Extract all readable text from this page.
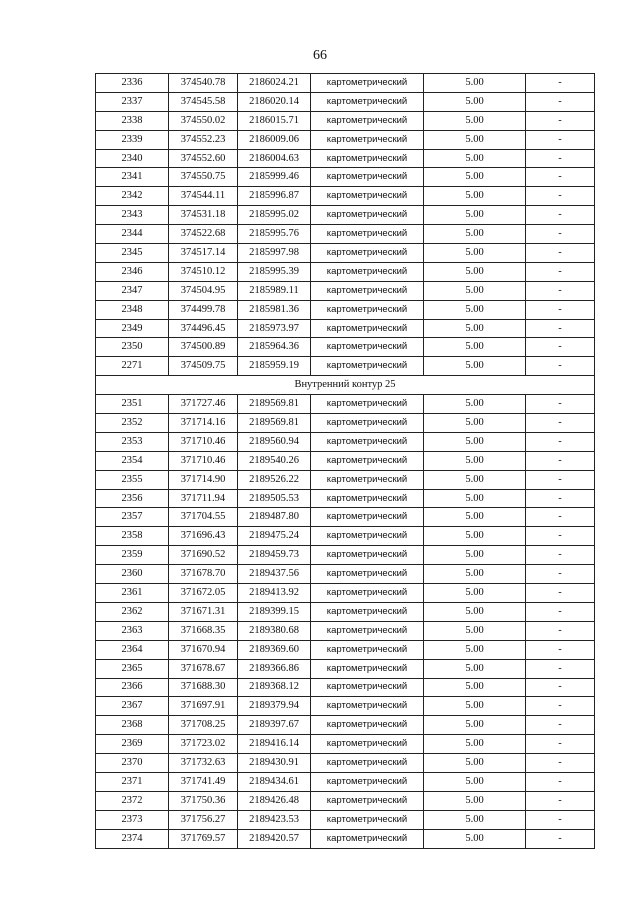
66
2336	374540.78	2186024.21	картометрический	5.00	-
2337	374545.58	2186020.14	картометрический	5.00	-
2338	374550.02	2186015.71	картометрический	5.00	-
2339	374552.23	2186009.06	картометрический	5.00	-
2340	374552.60	2186004.63	картометрический	5.00	-
2341	374550.75	2185999.46	картометрический	5.00	-
2342	374544.11	2185996.87	картометрический	5.00	-
2343	374531.18	2185995.02	картометрический	5.00	-
2344	374522.68	2185995.76	картометрический	5.00	-
2345	374517.14	2185997.98	картометрический	5.00	-
2346	374510.12	2185995.39	картометрический	5.00	-
2347	374504.95	2185989.11	картометрический	5.00	-
2348	374499.78	2185981.36	картометрический	5.00	-
2349	374496.45	2185973.97	картометрический	5.00	-
2350	374500.89	2185964.36	картометрический	5.00	-
2271	374509.75	2185959.19	картометрический	5.00	-
Внутренний контур 25					
2351	371727.46	2189569.81	картометрический	5.00	-
2352	371714.16	2189569.81	картометрический	5.00	-
2353	371710.46	2189560.94	картометрический	5.00	-
2354	371710.46	2189540.26	картометрический	5.00	-
2355	371714.90	2189526.22	картометрический	5.00	-
2356	371711.94	2189505.53	картометрический	5.00	-
2357	371704.55	2189487.80	картометрический	5.00	-
2358	371696.43	2189475.24	картометрический	5.00	-
2359	371690.52	2189459.73	картометрический	5.00	-
2360	371678.70	2189437.56	картометрический	5.00	-
2361	371672.05	2189413.92	картометрический	5.00	-
2362	371671.31	2189399.15	картометрический	5.00	-
2363	371668.35	2189380.68	картометрический	5.00	-
2364	371670.94	2189369.60	картометрический	5.00	-
2365	371678.67	2189366.86	картометрический	5.00	-
2366	371688.30	2189368.12	картометрический	5.00	-
2367	371697.91	2189379.94	картометрический	5.00	-
2368	371708.25	2189397.67	картометрический	5.00	-
2369	371723.02	2189416.14	картометрический	5.00	-
2370	371732.63	2189430.91	картометрический	5.00	-
2371	371741.49	2189434.61	картометрический	5.00	-
2372	371750.36	2189426.48	картометрический	5.00	-
2373	371756.27	2189423.53	картометрический	5.00	-
2374	371769.57	2189420.57	картометрический	5.00	-
